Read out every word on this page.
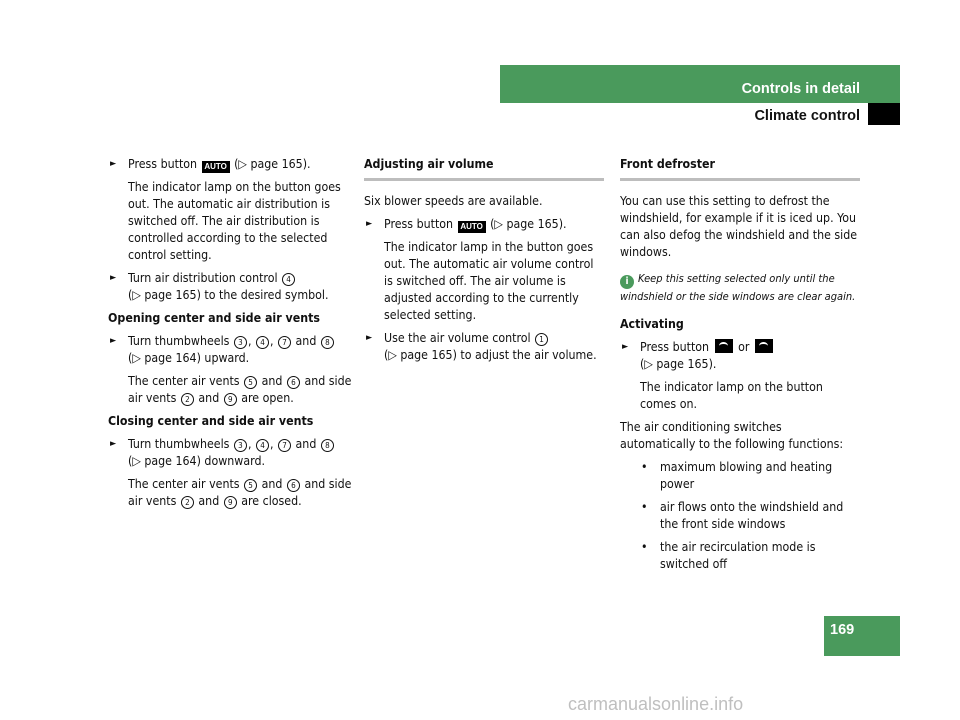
Controls in detail
Climate control
► Press button AUTO (▷ page 165).
The indicator lamp on the button goes out. The automatic air distribution is switched off. The air distribution is controlled according to the selected control setting.
► Turn air distribution control 4
(▷ page 165) to the desired symbol.
Opening center and side air vents
► Turn thumbwheels 3 , 4 , 7 and 8
(▷ page 164) upward.
The center air vents 5 and 6 and side air vents 2 and 9 are open.
Closing center and side air vents
► Turn thumbwheels 3 , 4 , 7 and 8
(▷ page 164) downward.
The center air vents 5 and 6 and side air vents 2 and 9 are closed.
Adjusting air volume
Six blower speeds are available.
► Press button AUTO (▷ page 165).
The indicator lamp in the button goes out. The automatic air volume control is switched off. The air volume is adjusted according to the currently selected setting.
► Use the air volume control 1
(▷ page 165) to adjust the air volume.
Front defroster
You can use this setting to defrost the windshield, for example if it is iced up. You can also defog the windshield and the side windows.
i Keep this setting selected only until the windshield or the side windows are clear again.
Activating
► Press button  or
(▷ page 165).
The indicator lamp on the button comes on.
The air conditioning switches automatically to the following functions:
• maximum blowing and heating power
• air flows onto the windshield and the front side windows
• the air recirculation mode is switched off
169
carmanualsonline.info
